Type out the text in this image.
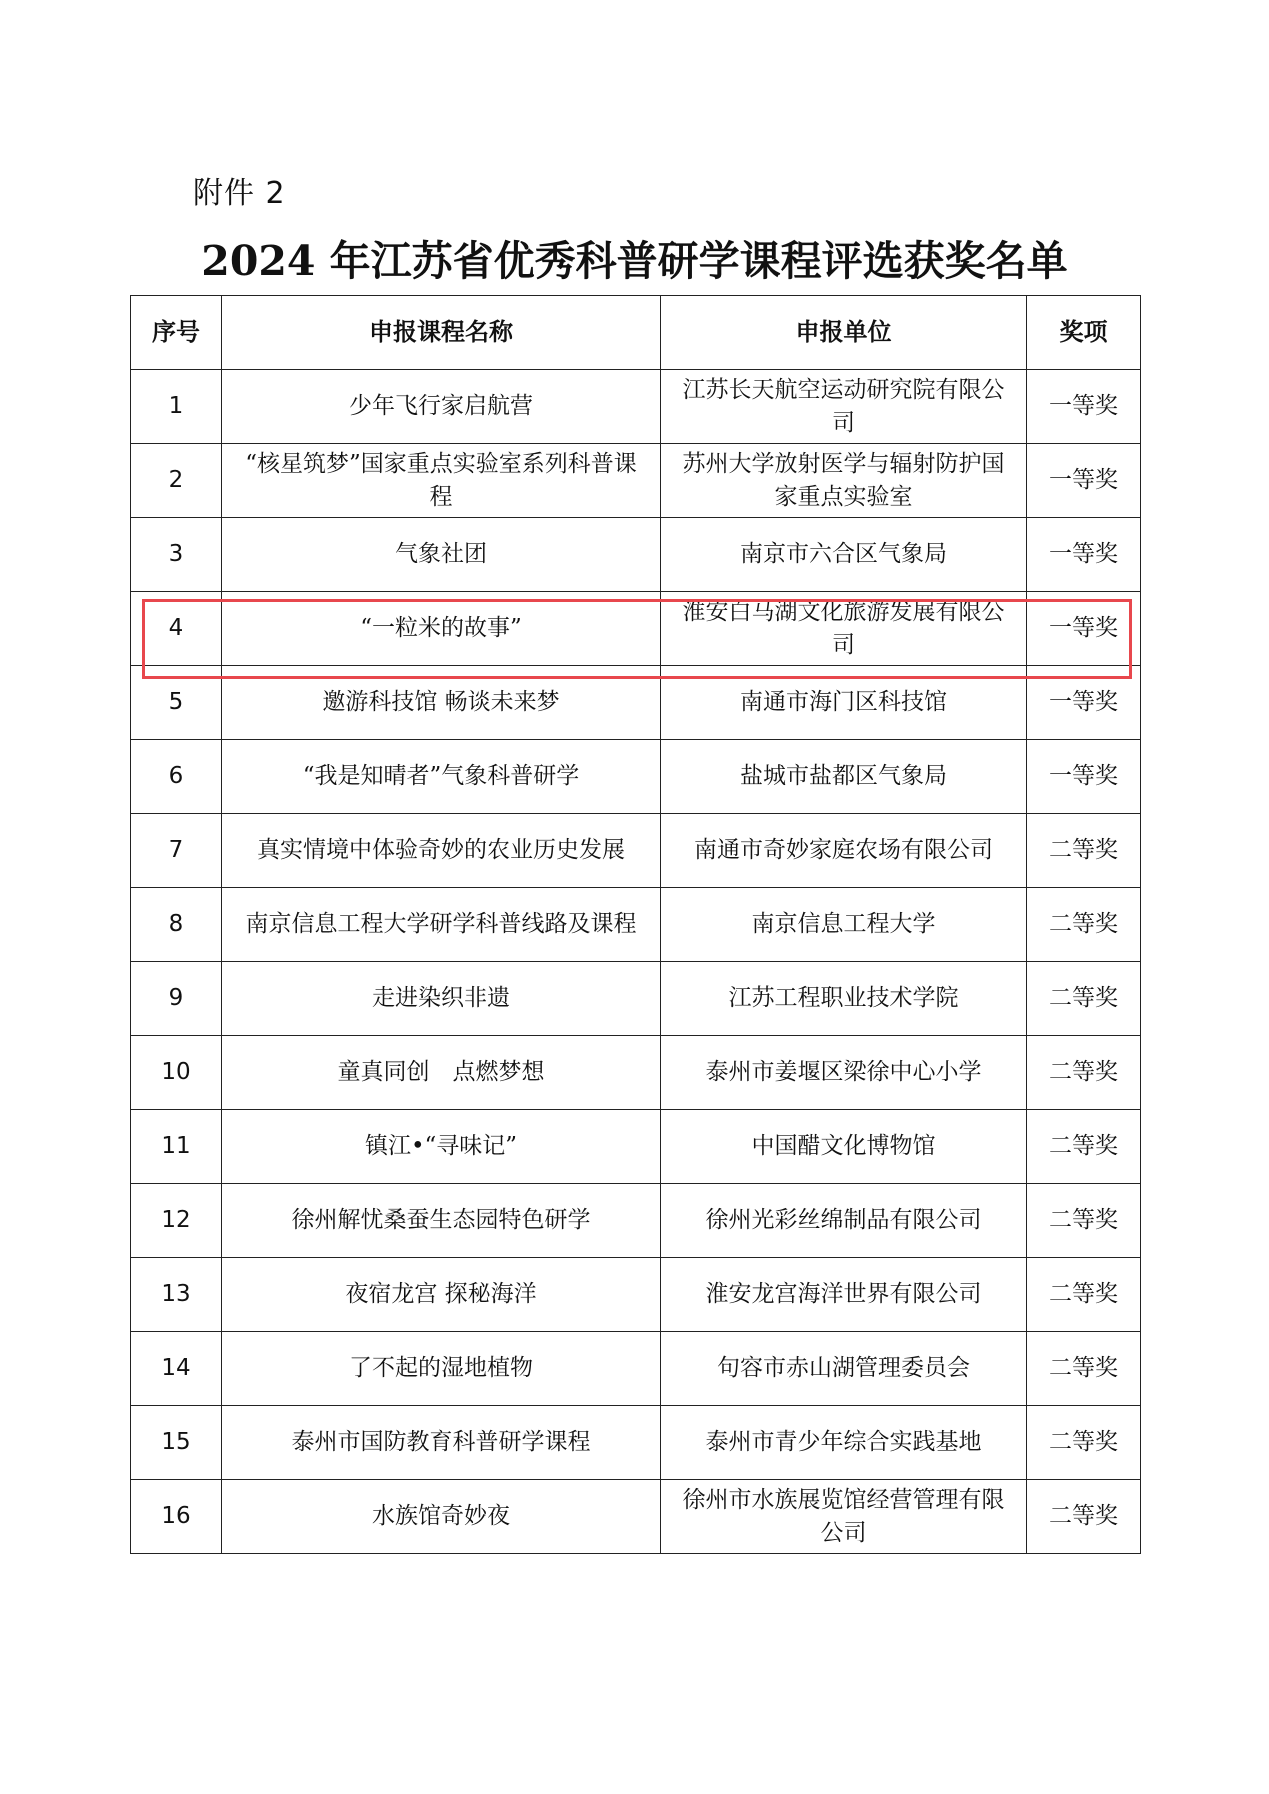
附件 2
2024 年江苏省优秀科普研学课程评选获奖名单
序号	申报课程名称	申报单位	奖项
1	少年飞行家启航营	江苏长天航空运动研究院有限公司	一等奖
2	“核星筑梦”国家重点实验室系列科普课程	苏州大学放射医学与辐射防护国家重点实验室	一等奖
3	气象社团	南京市六合区气象局	一等奖
4	“一粒米的故事”	淮安白马湖文化旅游发展有限公司	一等奖
5	邀游科技馆 畅谈未来梦	南通市海门区科技馆	一等奖
6	“我是知晴者”气象科普研学	盐城市盐都区气象局	一等奖
7	真实情境中体验奇妙的农业历史发展	南通市奇妙家庭农场有限公司	二等奖
8	南京信息工程大学研学科普线路及课程	南京信息工程大学	二等奖
9	走进染织非遗	江苏工程职业技术学院	二等奖
10	童真同创　点燃梦想	泰州市姜堰区梁徐中心小学	二等奖
11	镇江•“寻味记”	中国醋文化博物馆	二等奖
12	徐州解忧桑蚕生态园特色研学	徐州光彩丝绵制品有限公司	二等奖
13	夜宿龙宫 探秘海洋	淮安龙宫海洋世界有限公司	二等奖
14	了不起的湿地植物	句容市赤山湖管理委员会	二等奖
15	泰州市国防教育科普研学课程	泰州市青少年综合实践基地	二等奖
16	水族馆奇妙夜	徐州市水族展览馆经营管理有限公司	二等奖
